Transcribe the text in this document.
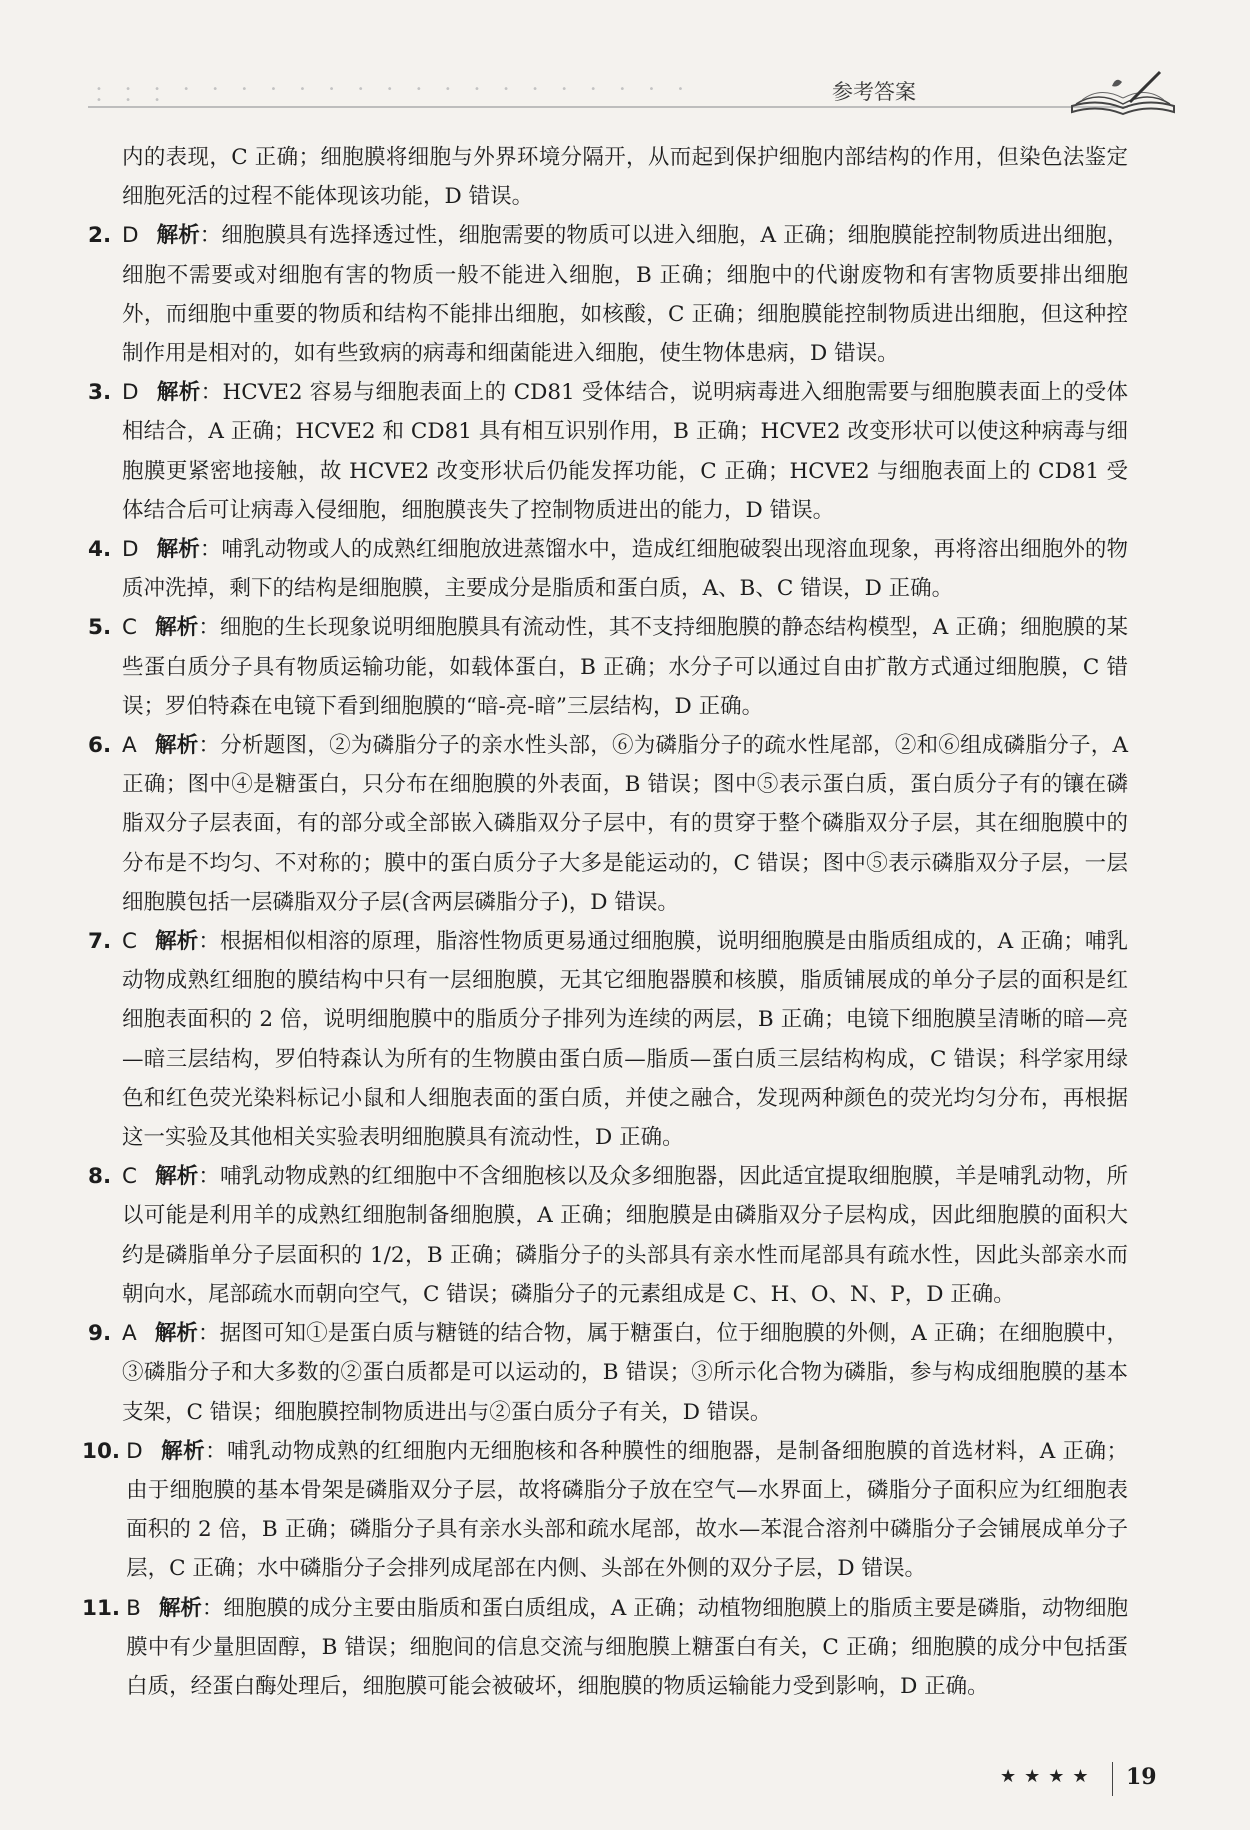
• • • • • • • • • • • • • • • • • • • • • • • •	参考答案

内的表现，C 正确；细胞膜将细胞与外界环境分隔开，从而起到保护细胞内部结构的作用，但染色法鉴定细胞死活的过程不能体现该功能，D 错误。

2. D 解析：细胞膜具有选择透过性，细胞需要的物质可以进入细胞，A 正确；细胞膜能控制物质进出细胞，细胞不需要或对细胞有害的物质一般不能进入细胞，B 正确；细胞中的代谢废物和有害物质要排出细胞外，而细胞中重要的物质和结构不能排出细胞，如核酸，C 正确；细胞膜能控制物质进出细胞，但这种控制作用是相对的，如有些致病的病毒和细菌能进入细胞，使生物体患病，D 错误。
3. D 解析：HCVE2 容易与细胞表面上的 CD81 受体结合，说明病毒进入细胞需要与细胞膜表面上的受体相结合，A 正确；HCVE2 和 CD81 具有相互识别作用，B 正确；HCVE2 改变形状可以使这种病毒与细胞膜更紧密地接触，故 HCVE2 改变形状后仍能发挥功能，C 正确；HCVE2 与细胞表面上的 CD81 受体结合后可让病毒入侵细胞，细胞膜丧失了控制物质进出的能力，D 错误。
4. D 解析：哺乳动物或人的成熟红细胞放进蒸馏水中，造成红细胞破裂出现溶血现象，再将溶出细胞外的物质冲洗掉，剩下的结构是细胞膜，主要成分是脂质和蛋白质，A、B、C 错误，D 正确。
5. C 解析：细胞的生长现象说明细胞膜具有流动性，其不支持细胞膜的静态结构模型，A 正确；细胞膜的某些蛋白质分子具有物质运输功能，如载体蛋白，B 正确；水分子可以通过自由扩散方式通过细胞膜，C 错误；罗伯特森在电镜下看到细胞膜的“暗-亮-暗”三层结构，D 正确。
6. A 解析：分析题图，②为磷脂分子的亲水性头部，⑥为磷脂分子的疏水性尾部，②和⑥组成磷脂分子，A 正确；图中④是糖蛋白，只分布在细胞膜的外表面，B 错误；图中⑤表示蛋白质，蛋白质分子有的镶在磷脂双分子层表面，有的部分或全部嵌入磷脂双分子层中，有的贯穿于整个磷脂双分子层，其在细胞膜中的分布是不均匀、不对称的；膜中的蛋白质分子大多是能运动的，C 错误；图中⑤表示磷脂双分子层，一层细胞膜包括一层磷脂双分子层(含两层磷脂分子)，D 错误。
7. C 解析：根据相似相溶的原理，脂溶性物质更易通过细胞膜，说明细胞膜是由脂质组成的，A 正确；哺乳动物成熟红细胞的膜结构中只有一层细胞膜，无其它细胞器膜和核膜，脂质铺展成的单分子层的面积是红细胞表面积的 2 倍，说明细胞膜中的脂质分子排列为连续的两层，B 正确；电镜下细胞膜呈清晰的暗—亮—暗三层结构，罗伯特森认为所有的生物膜由蛋白质—脂质—蛋白质三层结构构成，C 错误；科学家用绿色和红色荧光染料标记小鼠和人细胞表面的蛋白质，并使之融合，发现两种颜色的荧光均匀分布，再根据这一实验及其他相关实验表明细胞膜具有流动性，D 正确。
8. C 解析：哺乳动物成熟的红细胞中不含细胞核以及众多细胞器，因此适宜提取细胞膜，羊是哺乳动物，所以可能是利用羊的成熟红细胞制备细胞膜，A 正确；细胞膜是由磷脂双分子层构成，因此细胞膜的面积大约是磷脂单分子层面积的 1/2，B 正确；磷脂分子的头部具有亲水性而尾部具有疏水性，因此头部亲水而朝向水，尾部疏水而朝向空气，C 错误；磷脂分子的元素组成是 C、H、O、N、P，D 正确。
9. A 解析：据图可知①是蛋白质与糖链的结合物，属于糖蛋白，位于细胞膜的外侧，A 正确；在细胞膜中，③磷脂分子和大多数的②蛋白质都是可以运动的，B 错误；③所示化合物为磷脂，参与构成细胞膜的基本支架，C 错误；细胞膜控制物质进出与②蛋白质分子有关，D 错误。
10. D 解析：哺乳动物成熟的红细胞内无细胞核和各种膜性的细胞器，是制备细胞膜的首选材料，A 正确；由于细胞膜的基本骨架是磷脂双分子层，故将磷脂分子放在空气—水界面上，磷脂分子面积应为红细胞表面积的 2 倍，B 正确；磷脂分子具有亲水头部和疏水尾部，故水—苯混合溶剂中磷脂分子会铺展成单分子层，C 正确；水中磷脂分子会排列成尾部在内侧、头部在外侧的双分子层，D 错误。
11. B 解析：细胞膜的成分主要由脂质和蛋白质组成，A 正确；动植物细胞膜上的脂质主要是磷脂，动物细胞膜中有少量胆固醇，B 错误；细胞间的信息交流与细胞膜上糖蛋白有关，C 正确；细胞膜的成分中包括蛋白质，经蛋白酶处理后，细胞膜可能会被破坏，细胞膜的物质运输能力受到影响，D 正确。
★★★★ 19
